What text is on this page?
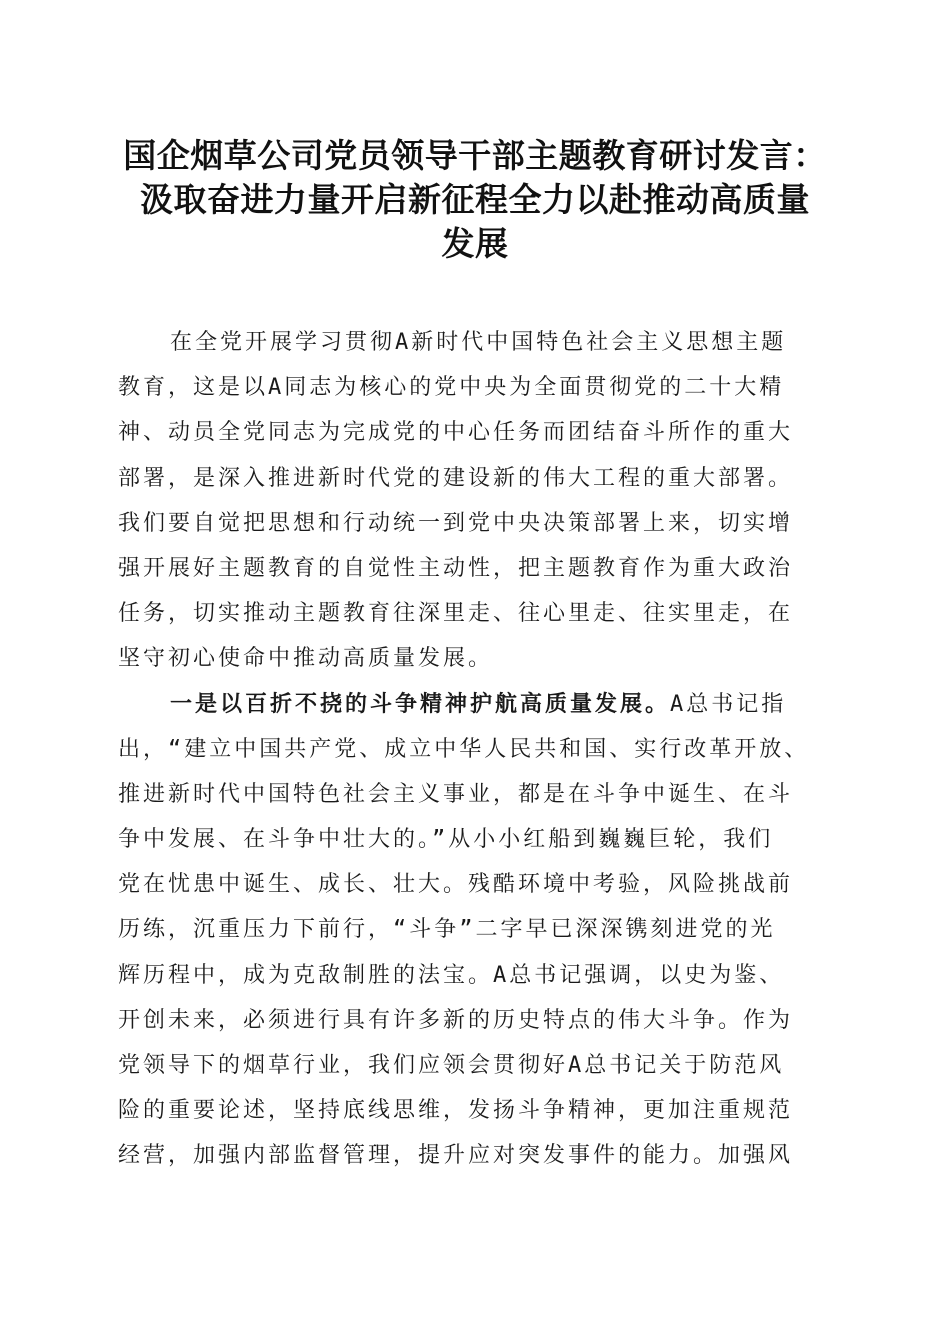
国企烟草公司党员领导干部主题教育研讨发言：
汲取奋进力量开启新征程全力以赴推动高质量
发展
在全党开展学习贯彻A新时代中国特色社会主义思想主题
教育，这是以A同志为核心的党中央为全面贯彻党的二十大精
神、动员全党同志为完成党的中心任务而团结奋斗所作的重大
部署，是深入推进新时代党的建设新的伟大工程的重大部署。
我们要自觉把思想和行动统一到党中央决策部署上来，切实增
强开展好主题教育的自觉性主动性，把主题教育作为重大政治
任务，切实推动主题教育往深里走、往心里走、往实里走，在
坚守初心使命中推动高质量发展。
一是以百折不挠的斗争精神护航高质量发展。A总书记指
出，“建立中国共产党、成立中华人民共和国、实行改革开放、
推进新时代中国特色社会主义事业，都是在斗争中诞生、在斗
争中发展、在斗争中壮大的。”从小小红船到巍巍巨轮，我们
党在忧患中诞生、成长、壮大。残酷环境中考验，风险挑战前
历练，沉重压力下前行，“斗争”二字早已深深镌刻进党的光
辉历程中，成为克敌制胜的法宝。A总书记强调，以史为鉴、
开创未来，必须进行具有许多新的历史特点的伟大斗争。作为
党领导下的烟草行业，我们应领会贯彻好A总书记关于防范风
险的重要论述，坚持底线思维，发扬斗争精神，更加注重规范
经营，加强内部监督管理，提升应对突发事件的能力。加强风
